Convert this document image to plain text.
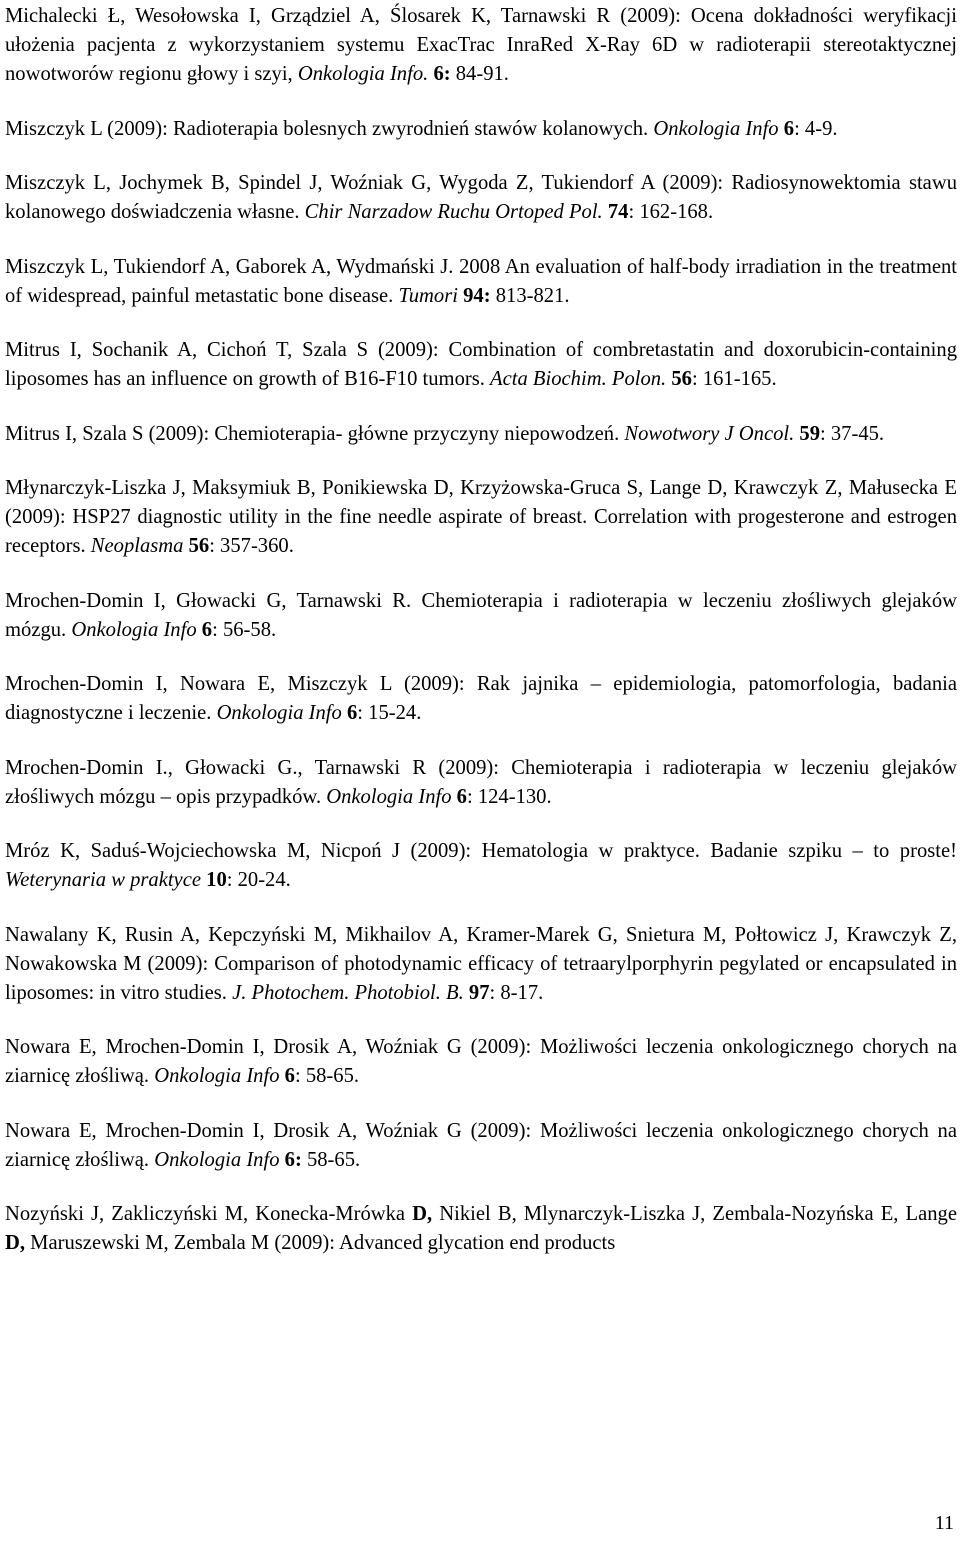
Michalecki Ł, Wesołowska I, Grządziel A, Ślosarek K, Tarnawski R (2009): Ocena dokładności weryfikacji ułożenia pacjenta z wykorzystaniem systemu ExacTrac InraRed X-Ray 6D w radioterapii stereotaktycznej nowotworów regionu głowy i szyi, Onkologia Info. 6: 84-91.
Miszczyk L (2009): Radioterapia bolesnych zwyrodnień stawów kolanowych. Onkologia Info 6: 4-9.
Miszczyk L, Jochymek B, Spindel J, Woźniak G, Wygoda Z, Tukiendorf A (2009): Radiosynowektomia stawu kolanowego doświadczenia własne. Chir Narzadow Ruchu Ortoped Pol. 74: 162-168.
Miszczyk L, Tukiendorf A, Gaborek A, Wydmański J. 2008 An evaluation of half-body irradiation in the treatment of widespread, painful metastatic bone disease. Tumori 94: 813-821.
Mitrus I, Sochanik A, Cichoń T, Szala S (2009): Combination of combretastatin and doxorubicin-containing liposomes has an influence on growth of B16-F10 tumors. Acta Biochim. Polon. 56: 161-165.
Mitrus I, Szala S (2009): Chemioterapia- główne przyczyny niepowodzeń. Nowotwory J Oncol. 59: 37-45.
Młynarczyk-Liszka J, Maksymiuk B, Ponikiewska D, Krzyżowska-Gruca S, Lange D, Krawczyk Z, Małusecka E (2009): HSP27 diagnostic utility in the fine needle aspirate of breast. Correlation with progesterone and estrogen receptors. Neoplasma 56: 357-360.
Mrochen-Domin I, Głowacki G, Tarnawski R. Chemioterapia i radioterapia w leczeniu złośliwych glejaków mózgu. Onkologia Info 6: 56-58.
Mrochen-Domin I, Nowara E, Miszczyk L (2009): Rak jajnika – epidemiologia, patomorfologia, badania diagnostyczne i leczenie. Onkologia Info 6: 15-24.
Mrochen-Domin I., Głowacki G., Tarnawski R (2009): Chemioterapia i radioterapia w leczeniu glejaków złośliwych mózgu – opis przypadków. Onkologia Info 6: 124-130.
Mróz K, Saduś-Wojciechowska M, Nicpoń J (2009): Hematologia w praktyce. Badanie szpiku – to proste! Weterynaria w praktyce 10: 20-24.
Nawalany K, Rusin A, Kepczyński M, Mikhailov A, Kramer-Marek G, Snietura M, Połtowicz J, Krawczyk Z, Nowakowska M (2009): Comparison of photodynamic efficacy of tetraarylporphyrin pegylated or encapsulated in liposomes: in vitro studies. J. Photochem. Photobiol. B. 97: 8-17.
Nowara E, Mrochen-Domin I, Drosik A, Woźniak G (2009): Możliwości leczenia onkologicznego chorych na ziarnicę złośliwą. Onkologia Info 6: 58-65.
Nowara E, Mrochen-Domin I, Drosik A, Woźniak G (2009): Możliwości leczenia onkologicznego chorych na ziarnicę złośliwą. Onkologia Info 6: 58-65.
Nozyński J, Zakliczyński M, Konecka-Mrówka D, Nikiel B, Mlynarczyk-Liszka J, Zembala-Nozyńska E, Lange D, Maruszewski M, Zembala M (2009): Advanced glycation end products
11
